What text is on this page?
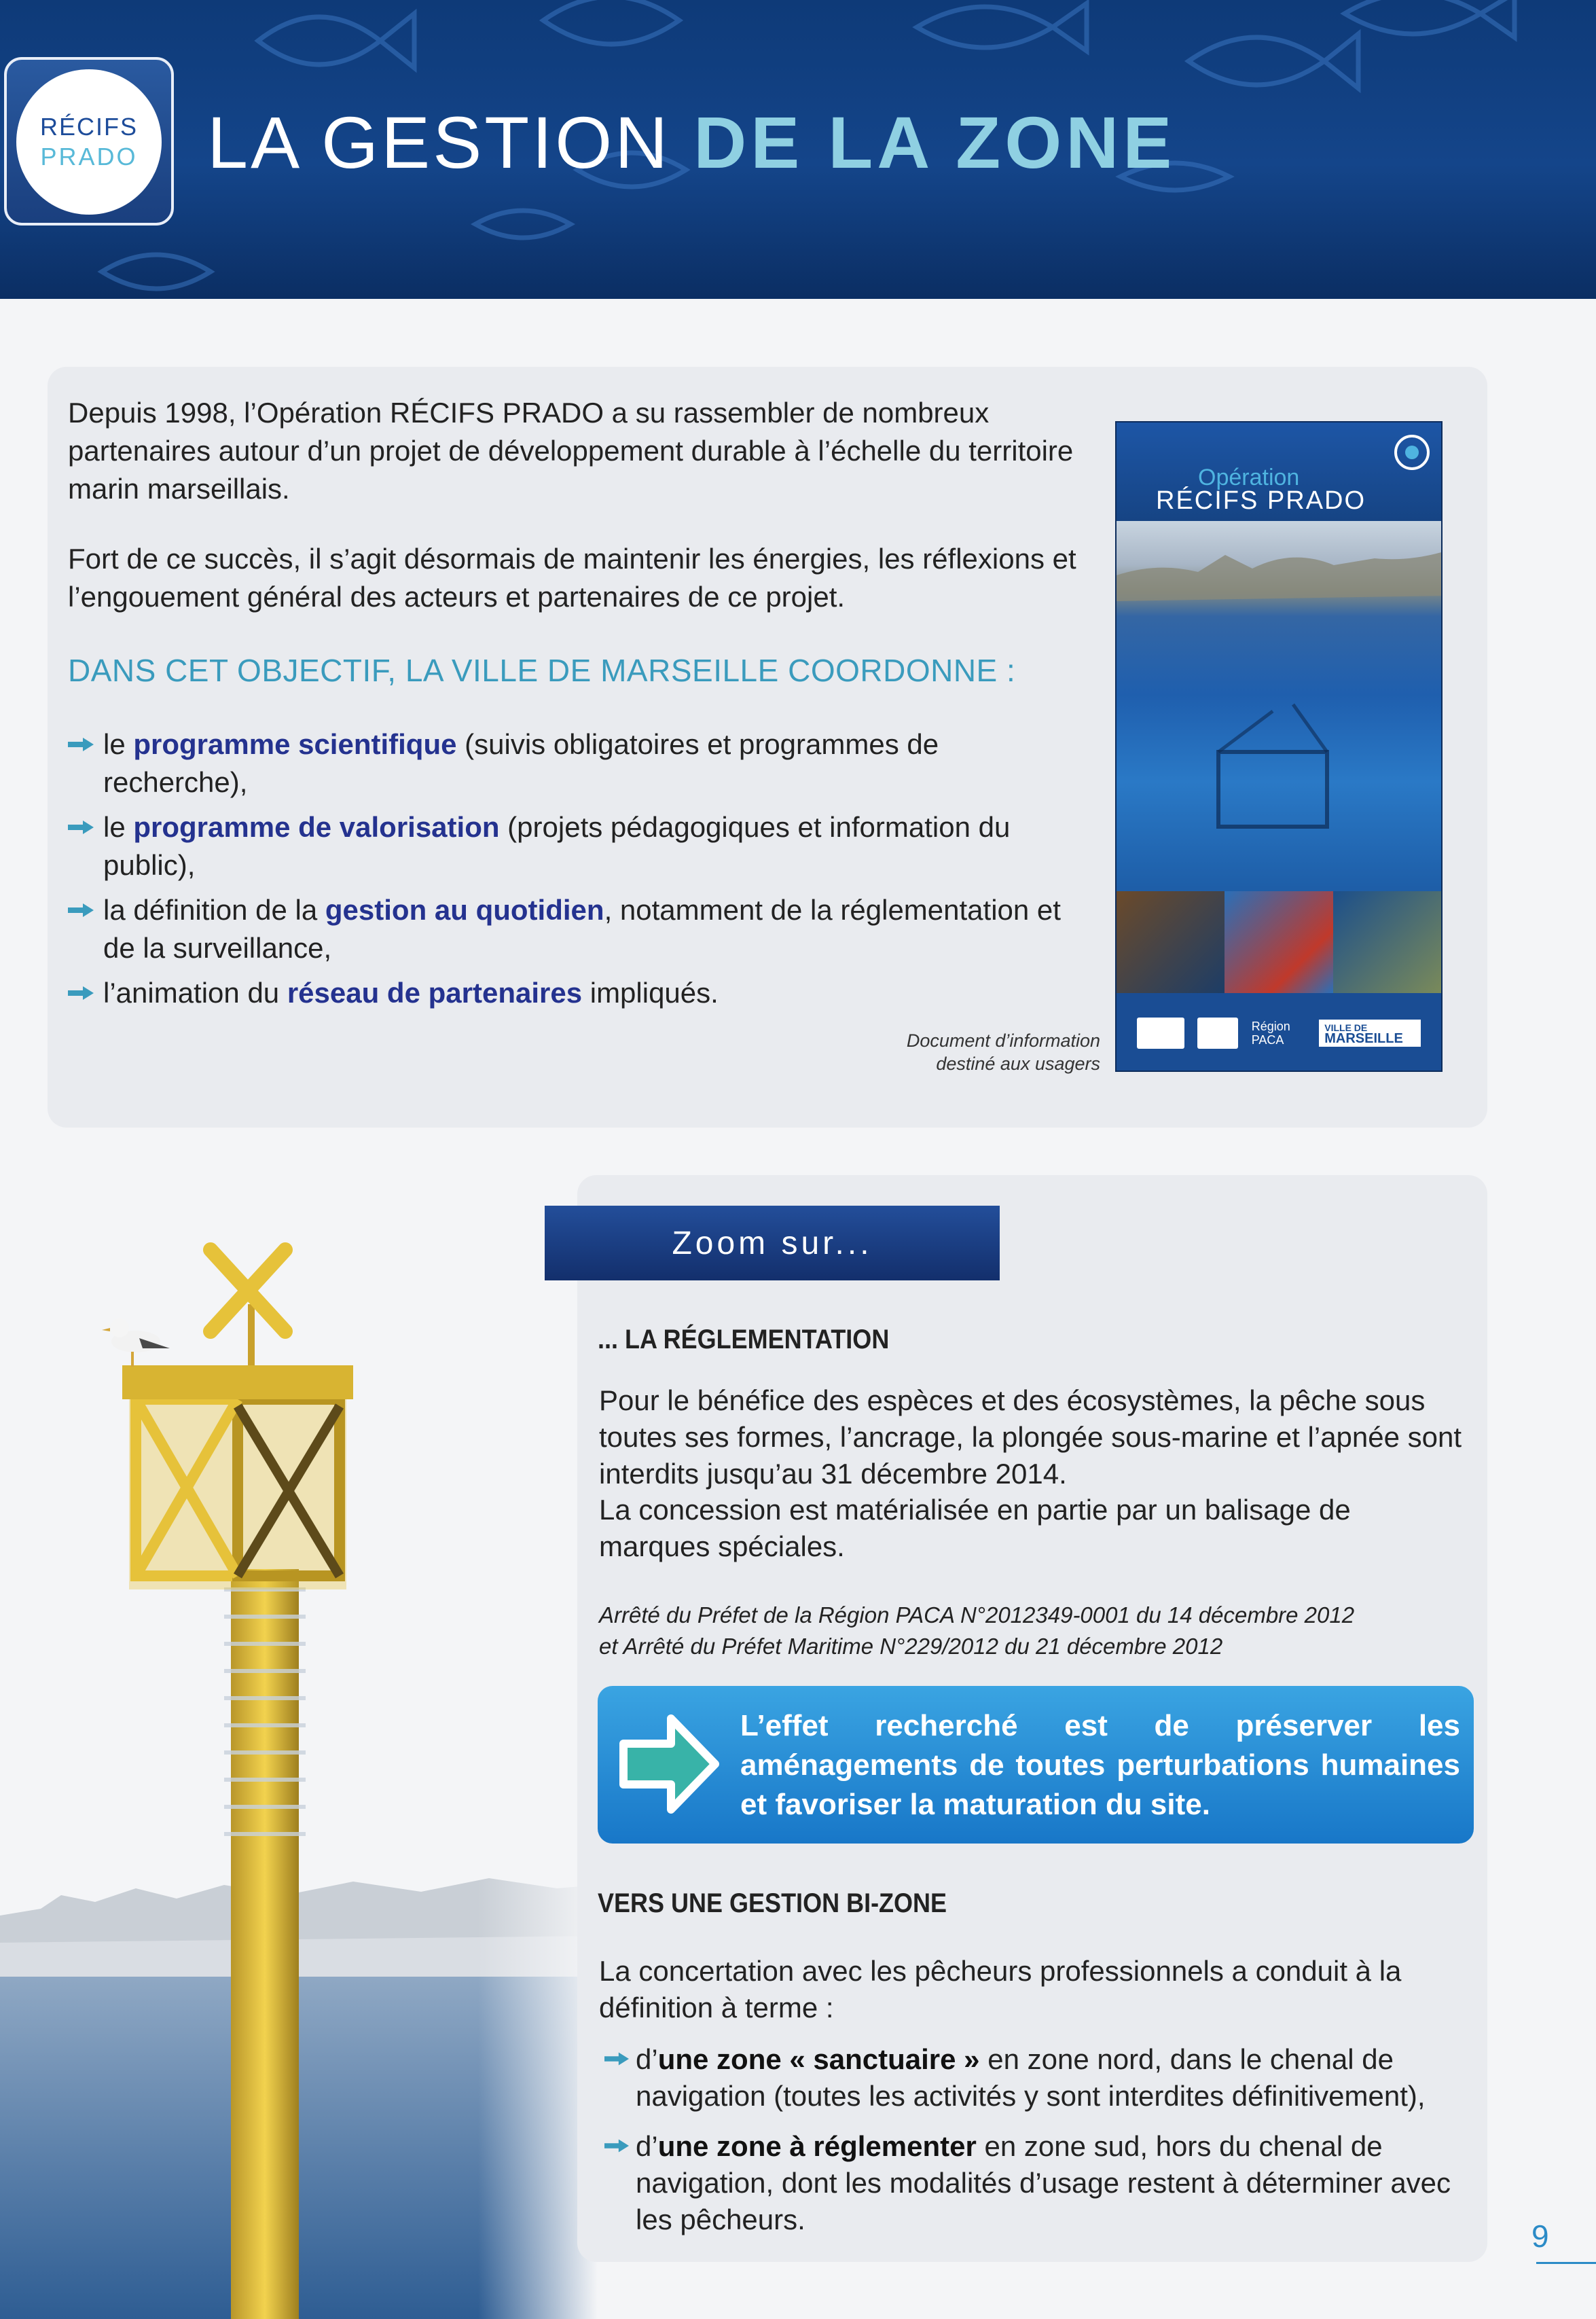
RÉCIFS
PRADO LA GESTION DE LA ZONE

Depuis 1998, l’Opération RÉCIFS PRADO a su rassembler de nombreux partenaires autour d’un projet de développement durable à l’échelle du territoire marin marseillais.

Fort de ce succès, il s’agit désormais de maintenir les énergies, les réflexions et l’engouement général des acteurs et partenaires de ce projet.

DANS CET OBJECTIF, LA VILLE DE MARSEILLE COORDONNE :
le programme scientifique (suivis obligatoires et programmes de recherche),
le programme de valorisation (projets pédagogiques et information du public),
la définition de la gestion au quotidien, notamment de la réglementation et de la surveillance,
l’animation du réseau de partenaires impliqués.
Opération
RÉCIFS PRADO
Région PACA
VILLE DE
MARSEILLE
Document d’information
destiné aux usagers
Zoom sur...
... LA RÉGLEMENTATION

Pour le bénéfice des espèces et des écosystèmes, la pêche sous toutes ses formes, l’ancrage, la plongée sous-marine et l’apnée sont interdits jusqu’au 31 décembre 2014.

La concession est matérialisée en partie par un balisage de marques spéciales.

Arrêté du Préfet de la Région PACA N°2012349-0001 du 14 décembre 2012
et Arrêté du Préfet Maritime N°229/2012 du 21 décembre 2012
L’effet recherché est de préserver les aménagements de toutes perturbations humaines et favoriser la maturation du site.
VERS UNE GESTION BI-ZONE

La concertation avec les pêcheurs professionnels a conduit à la définition à terme :

d’une zone « sanctuaire » en zone nord, dans le chenal de navigation (toutes les activités y sont interdites définitivement),
d’une zone à réglementer en zone sud, hors du chenal de navigation, dont les modalités d’usage restent à déterminer avec les pêcheurs.	9
